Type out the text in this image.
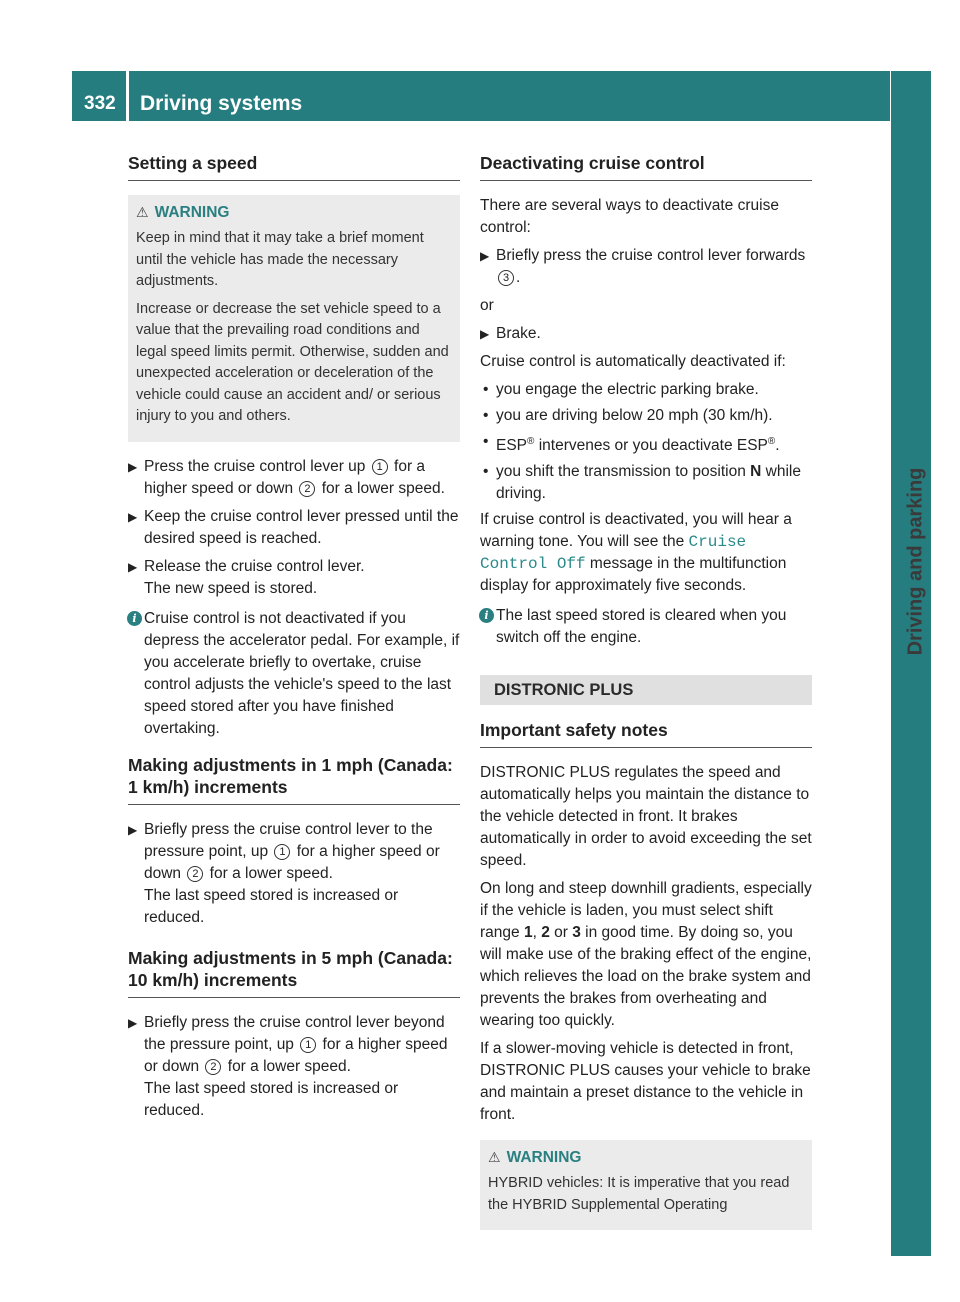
332 Driving systems
Driving and parking
Setting a speed
⚠ WARNING
Keep in mind that it may take a brief moment until the vehicle has made the necessary adjustments.
Increase or decrease the set vehicle speed to a value that the prevailing road conditions and legal speed limits permit. Otherwise, sudden and unexpected acceleration or deceleration of the vehicle could cause an accident and/ or serious injury to you and others.
▶ Press the cruise control lever up 1 for a higher speed or down 2 for a lower speed.
▶ Keep the cruise control lever pressed until the desired speed is reached.
▶ Release the cruise control lever.
The new speed is stored.
i Cruise control is not deactivated if you depress the accelerator pedal. For example, if you accelerate briefly to overtake, cruise control adjusts the vehicle's speed to the last speed stored after you have finished overtaking.
Making adjustments in 1 mph (Canada: 1 km/h) increments
▶ Briefly press the cruise control lever to the pressure point, up 1 for a higher speed or down 2 for a lower speed.
The last speed stored is increased or reduced.
Making adjustments in 5 mph (Canada: 10 km/h) increments
▶ Briefly press the cruise control lever beyond the pressure point, up 1 for a higher speed or down 2 for a lower speed.
The last speed stored is increased or reduced.
Deactivating cruise control
There are several ways to deactivate cruise control:
▶ Briefly press the cruise control lever forwards 3 .
or
▶ Brake.
Cruise control is automatically deactivated if:
• you engage the electric parking brake.
• you are driving below 20 mph (30 km/h).
• ESP® intervenes or you deactivate ESP®.
• you shift the transmission to position N while driving.
If cruise control is deactivated, you will hear a warning tone. You will see the Cruise Control Off message in the multifunction display for approximately five seconds.
i The last speed stored is cleared when you switch off the engine.
DISTRONIC PLUS
Important safety notes
DISTRONIC PLUS regulates the speed and automatically helps you maintain the distance to the vehicle detected in front. It brakes automatically in order to avoid exceeding the set speed.
On long and steep downhill gradients, especially if the vehicle is laden, you must select shift range 1, 2 or 3 in good time. By doing so, you will make use of the braking effect of the engine, which relieves the load on the brake system and prevents the brakes from overheating and wearing too quickly.
If a slower-moving vehicle is detected in front, DISTRONIC PLUS causes your vehicle to brake and maintain a preset distance to the vehicle in front.
⚠ WARNING
HYBRID vehicles: It is imperative that you read the HYBRID Supplemental Operating
